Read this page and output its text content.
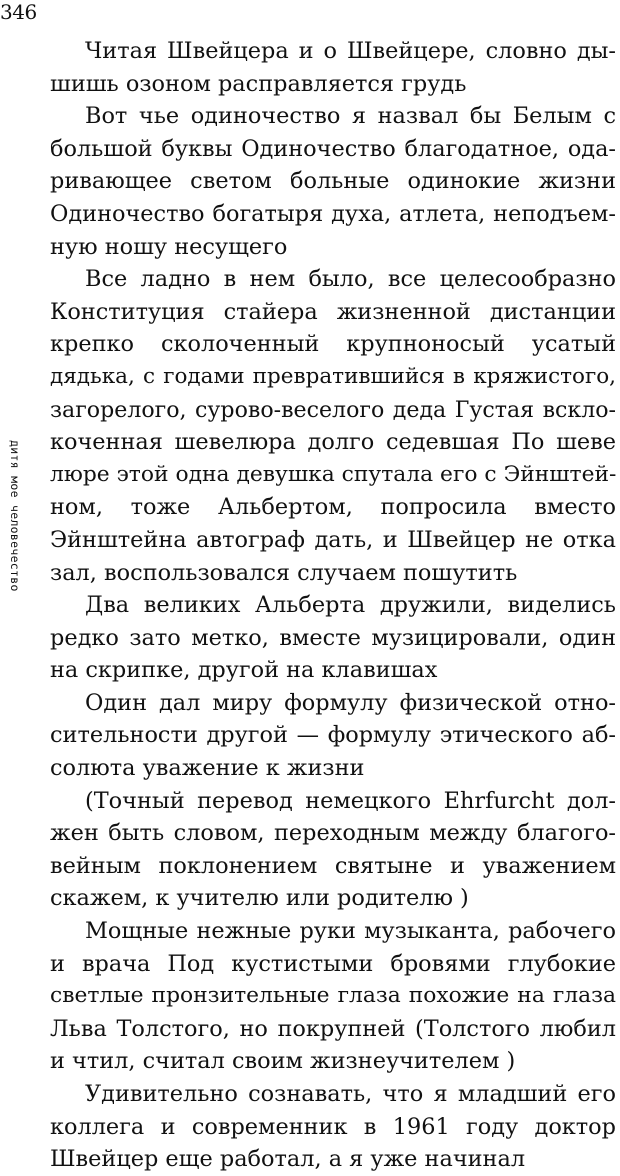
346
дитя мое человечество
Читая Швейцера и о Швейцере, словно ды-
шишь озоном расправляется грудь
Вот чье одиночество я назвал бы Белым с
большой буквы Одиночество благодатное, ода-
ривающее светом больные одинокие жизни
Одиночество богатыря духа, атлета, неподъем-
ную ношу несущего
Все ладно в нем было, все целесообразно
Конституция стайера жизненной дистанции
крепко сколоченный крупноносый усатый
дядька, с годами превратившийся в кряжистого,
загорелого, сурово-веселого деда Густая вскло-
коченная шевелюра долго седевшая По шеве
люре этой одна девушка спутала его с Эйнштей-
ном, тоже Альбертом, попросила вместо
Эйнштейна автограф дать, и Швейцер не отка
зал, воспользовался случаем пошутить
Два великих Альберта дружили, виделись
редко зато метко, вместе музицировали, один
на скрипке, другой на клавишах
Один дал миру формулу физической отно-
сительности другой — формулу этического аб-
солюта уважение к жизни
(Точный перевод немецкого Ehrfurcht дол-
жен быть словом, переходным между благого-
вейным поклонением святыне и уважением
скажем, к учителю или родителю )
Мощные нежные руки музыканта, рабочего
и врача Под кустистыми бровями глубокие
светлые пронзительные глаза похожие на глаза
Льва Толстого, но покрупней (Толстого любил
и чтил, считал своим жизнеучителем )
Удивительно сознавать, что я младший его
коллега и современник в 1961 году доктор
Швейцер еще работал, а я уже начинал
